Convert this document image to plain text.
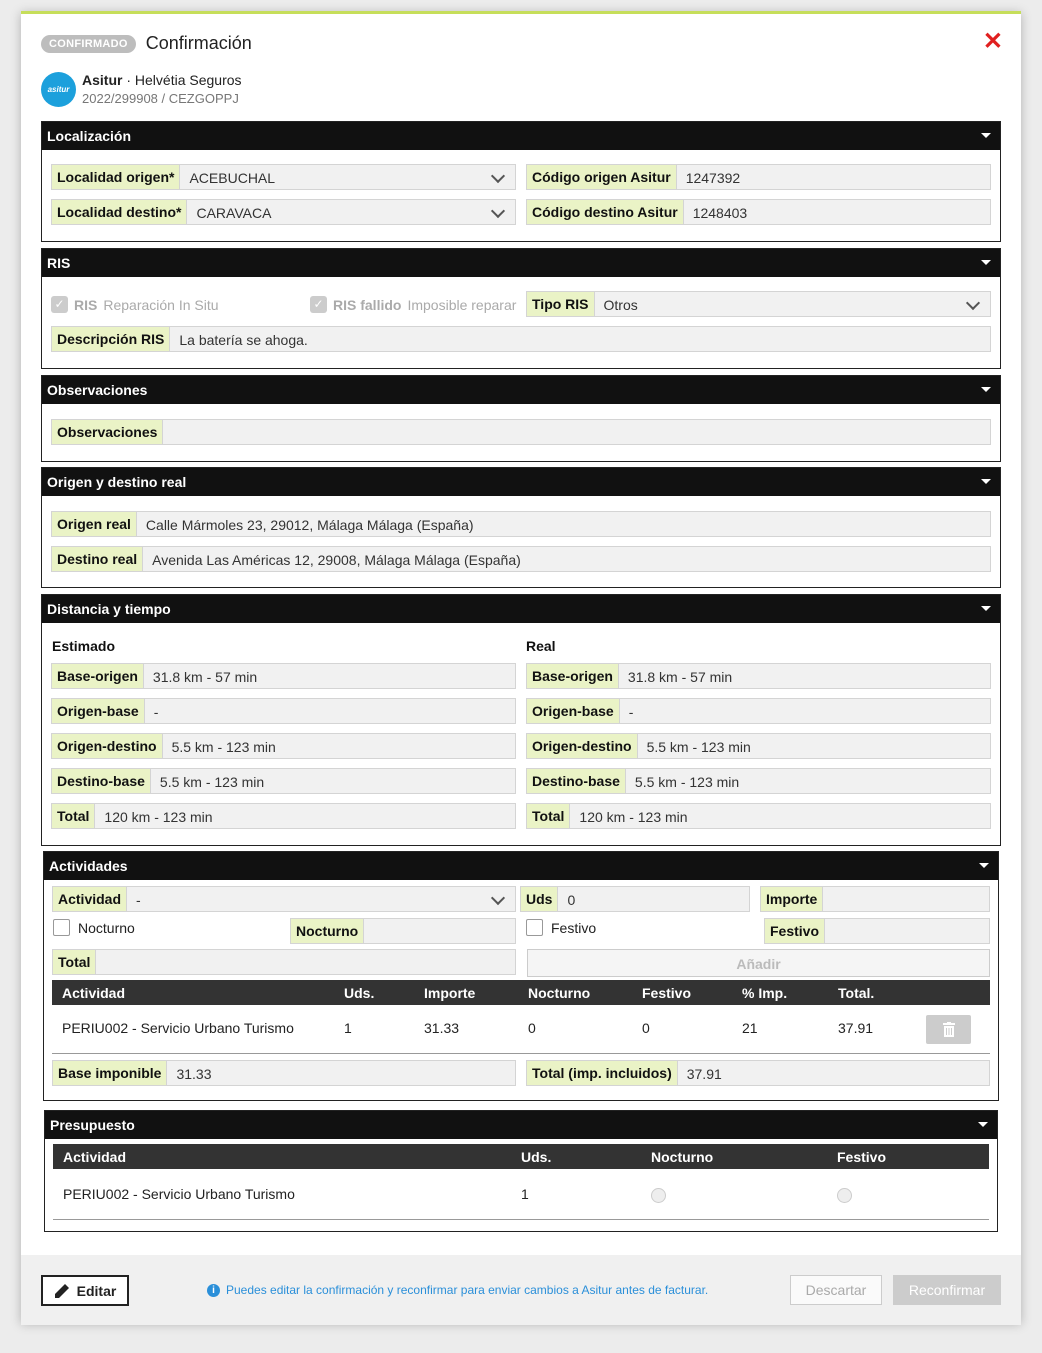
CONFIRMADO	Confirmación	✕
asitur
Asitur · Helvétia Seguros
2022/299908 / CEZGOPPJ
Localización
Localidad origen*	ACEBUCHAL
Localidad destino*	CARAVACA
Código origen Asitur	1247392
Código destino Asitur	1248403
RIS
✓ RIS Reparación In Situ	✓ RIS fallido Imposible reparar	Tipo RIS	Otros
Descripción RIS	La batería se ahoga.
Observaciones
Observaciones
Origen y destino real
Origen real	Calle Mármoles 23, 29012, Málaga Málaga (España)
Destino real	Avenida Las Américas 12, 29008, Málaga Málaga (España)
Distancia y tiempo
Estimado	Real
Base-origen	31.8 km - 57 min
Origen-base	-
Origen-destino	5.5 km - 123 min
Destino-base	5.5 km - 123 min
Total	120 km - 123 min
Base-origen	31.8 km - 57 min
Origen-base	-
Origen-destino	5.5 km - 123 min
Destino-base	5.5 km - 123 min
Total	120 km - 123 min
Actividades
Actividad	-	Uds	0	Importe
Nocturno	Nocturno	Festivo	Festivo
Total	Añadir
Actividad	Uds.	Importe	Nocturno	Festivo	% Imp.	Total.
PERIU002 - Servicio Urbano Turismo	1	31.33	0	0	21	37.91
Base imponible	31.33	Total (imp. incluidos)	37.91
Presupuesto
Actividad	Uds.	Nocturno	Festivo
PERIU002 - Servicio Urbano Turismo	1
Editar	i Puedes editar la confirmación y reconfirmar para enviar cambios a Asitur antes de facturar.	Descartar	Reconfirmar
